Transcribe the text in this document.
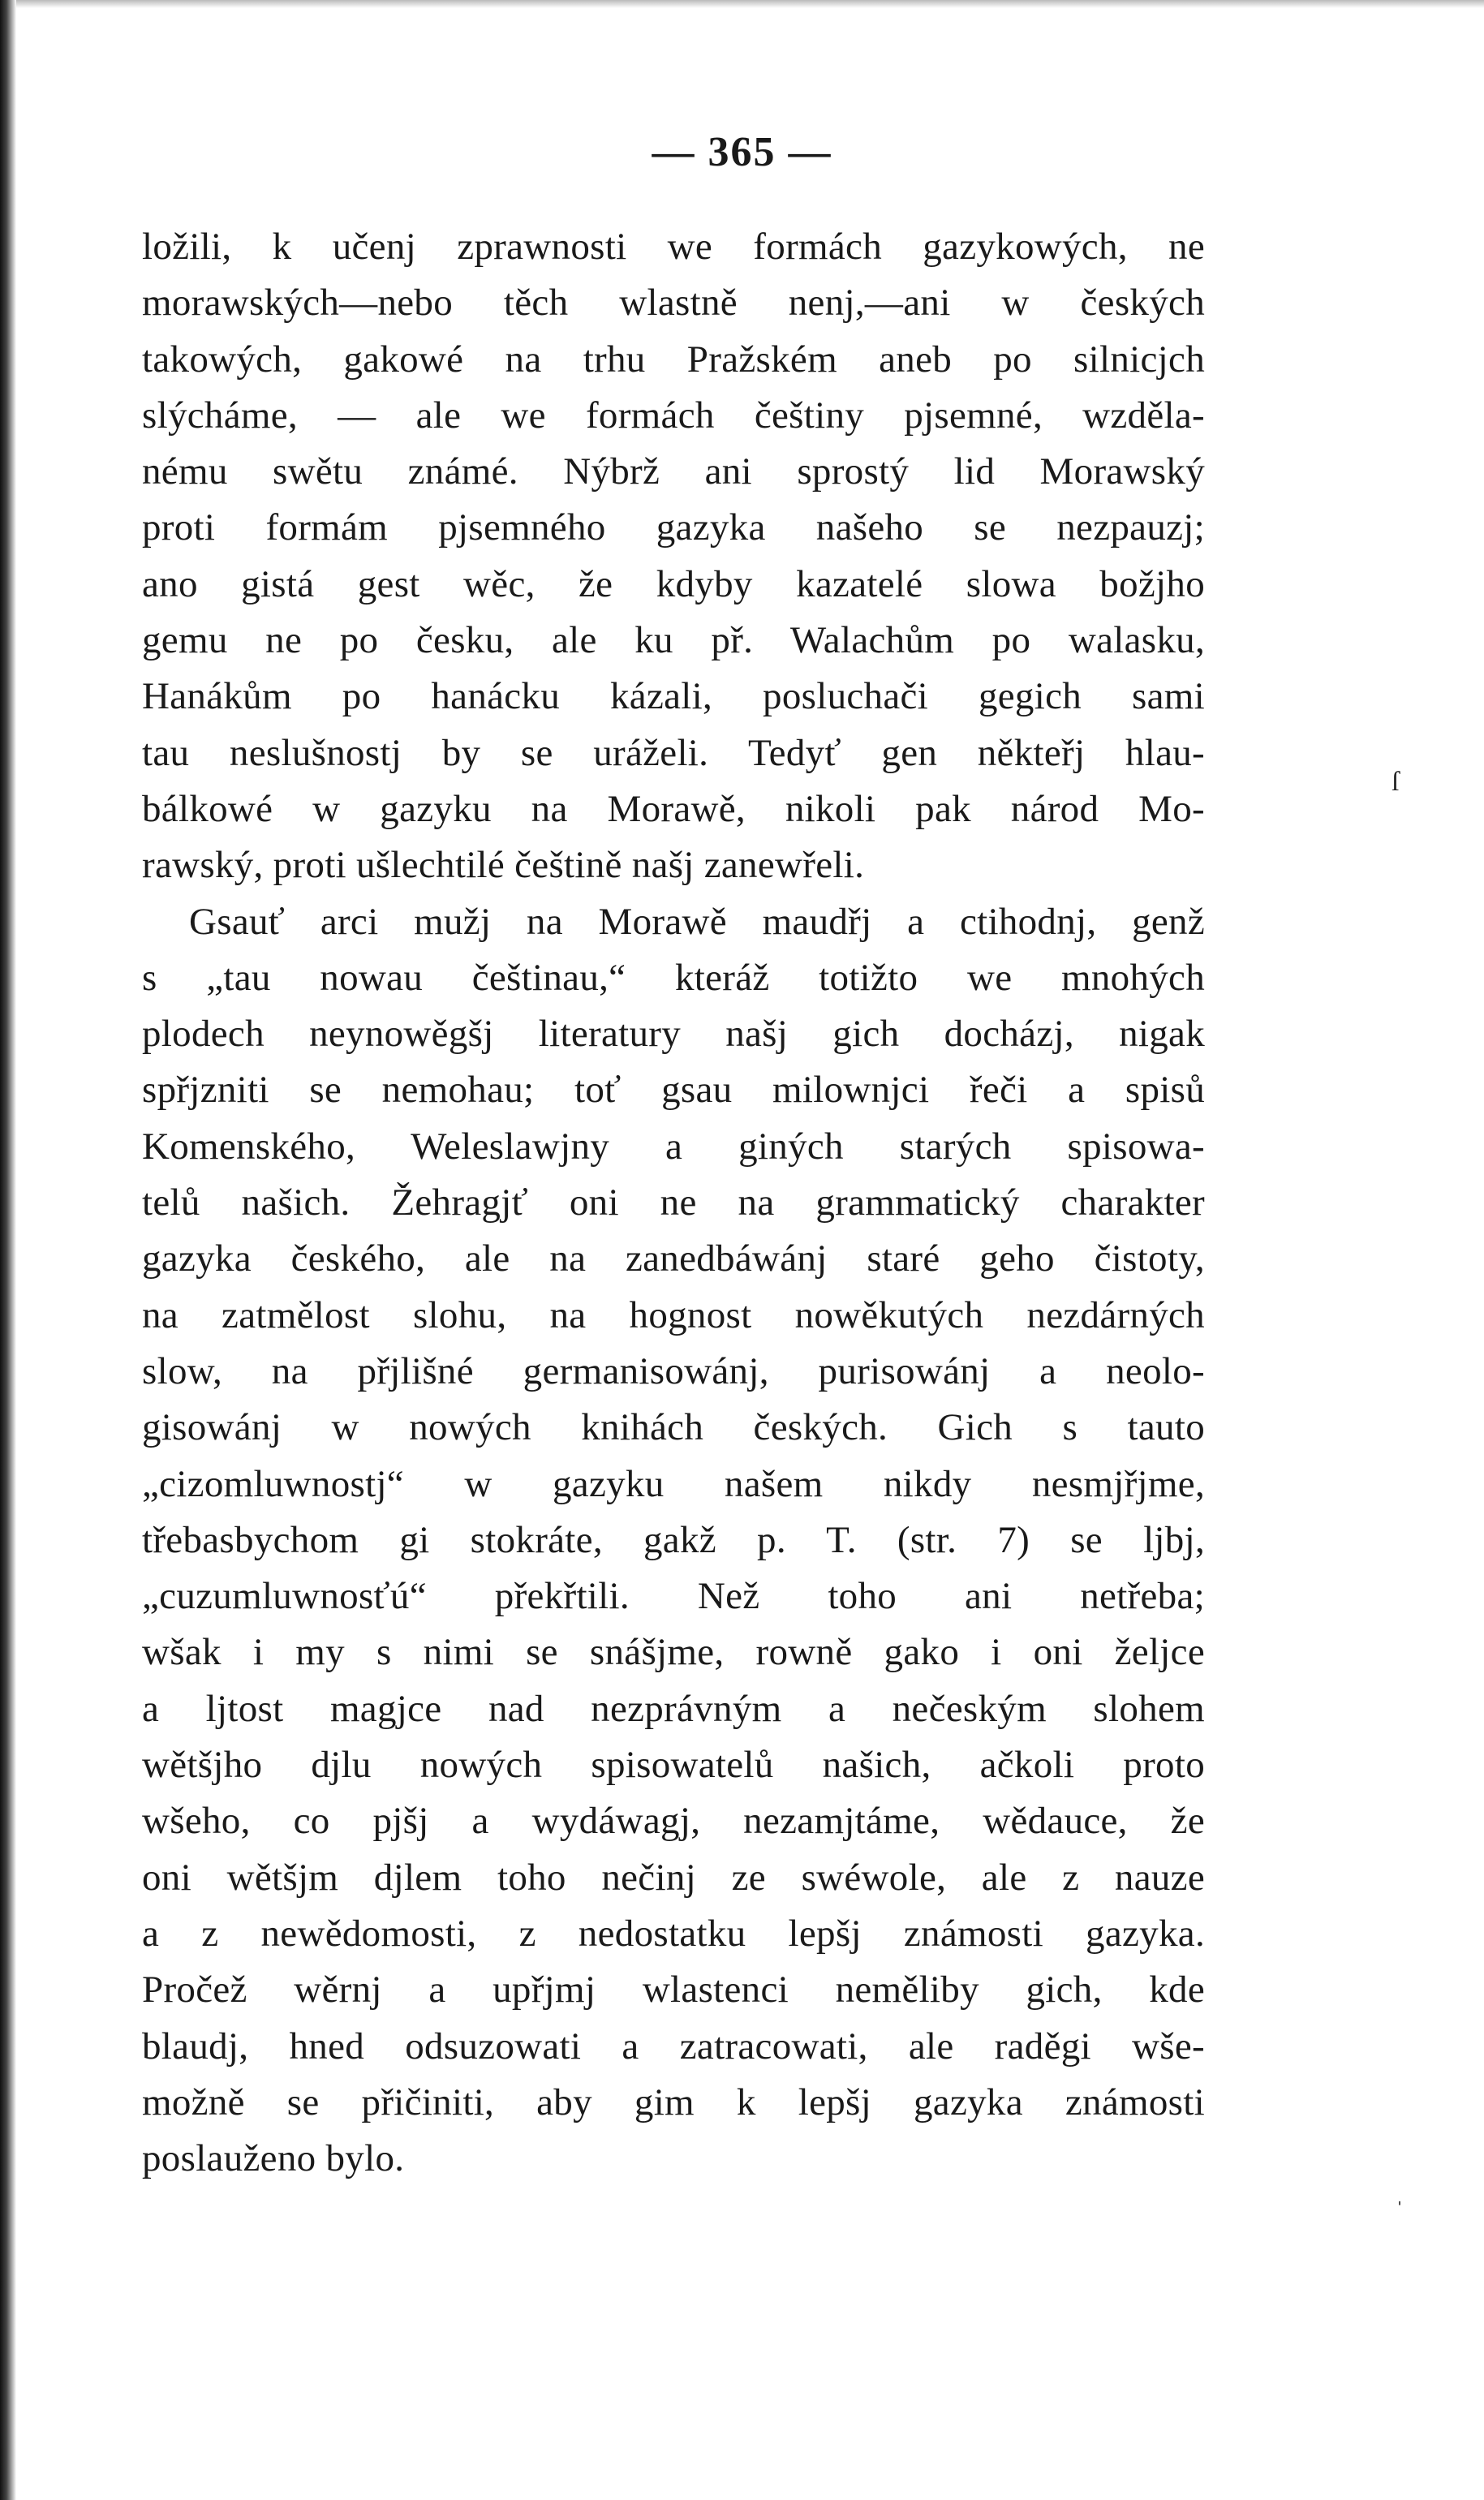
— 365 —
ložili, k učenj zprawnosti we formách gazykowých, ne
morawských—nebo těch wlastně nenj,—ani w českých
takowých, gakowé na trhu Pražském aneb po silnicjch
slýcháme, — ale we formách češtiny pjsemné, wzděla-
nému swětu známé. Nýbrž ani sprostý lid Morawský
proti formám pjsemného gazyka našeho se nezpauzj;
ano gistá gest wěc, že kdyby kazatelé slowa božjho
gemu ne po česku, ale ku př. Walachům po walasku,
Hanákům po hanácku kázali, posluchači gegich sami
tau neslušnostj by se uráželi. Tedyť gen někteřj hlau-
bálkowé w gazyku na Morawě, nikoli pak národ Mo-
rawský, proti ušlechtilé češtině našj zanewřeli.
Gsauť arci mužj na Morawě maudřj a ctihodnj, genž
s „tau nowau češtinau,“ kteráž totižto we mnohých
plodech neynowěgšj literatury našj gich docházj, nigak
spřjzniti se nemohau; toť gsau milownjci řeči a spisů
Komenského, Weleslawjny a giných starých spisowa-
telů našich. Žehragjť oni ne na grammatický charakter
gazyka českého, ale na zanedbáwánj staré geho čistoty,
na zatmělost slohu, na hognost nowěkutých nezdárných
slow, na přjlišné germanisowánj, purisowánj a neolo-
gisowánj w nowých knihách českých. Gich s tauto
„cizomluwnostj“ w gazyku našem nikdy nesmjřjme,
třebasbychom gi stokráte, gakž p. T. (str. 7) se ljbj,
„cuzumluwnosťú“ překřtili. Než toho ani netřeba;
wšak i my s nimi se snášjme, rowně gako i oni željce
a ljtost magjce nad nezprávným a nečeským slohem
wětšjho djlu nowých spisowatelů našich, ačkoli proto
wšeho, co pjšj a wydáwagj, nezamjtáme, wědauce, že
oni wětšjm djlem toho nečinj ze swéwole, ale z nauze
a z newědomosti, z nedostatku lepšj známosti gazyka.
Pročež wěrnj a upřjmj wlastenci neměliby gich, kde
blaudj, hned odsuzowati a zatracowati, ale raděgi wše-
možně se přičiniti, aby gim k lepšj gazyka známosti
poslauženo bylo.
ſ
ˌ
